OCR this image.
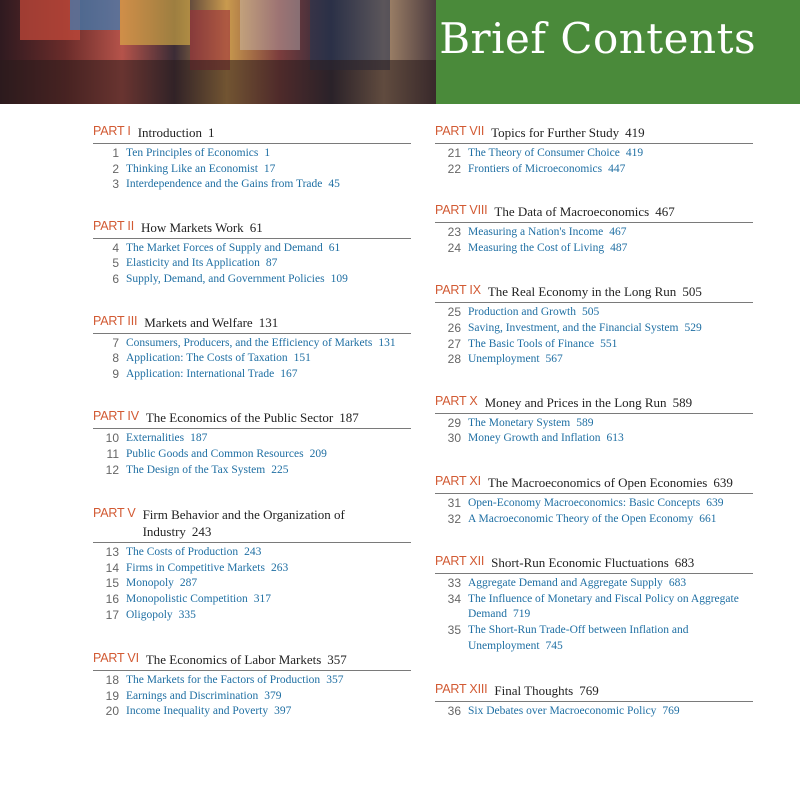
Brief Contents
PART I Introduction 1
1 Ten Principles of Economics 1
2 Thinking Like an Economist 17
3 Interdependence and the Gains from Trade 45
PART II How Markets Work 61
4 The Market Forces of Supply and Demand 61
5 Elasticity and Its Application 87
6 Supply, Demand, and Government Policies 109
PART III Markets and Welfare 131
7 Consumers, Producers, and the Efficiency of Markets 131
8 Application: The Costs of Taxation 151
9 Application: International Trade 167
PART IV The Economics of the Public Sector 187
10 Externalities 187
11 Public Goods and Common Resources 209
12 The Design of the Tax System 225
PART V Firm Behavior and the Organization of Industry 243
13 The Costs of Production 243
14 Firms in Competitive Markets 263
15 Monopoly 287
16 Monopolistic Competition 317
17 Oligopoly 335
PART VI The Economics of Labor Markets 357
18 The Markets for the Factors of Production 357
19 Earnings and Discrimination 379
20 Income Inequality and Poverty 397
PART VII Topics for Further Study 419
21 The Theory of Consumer Choice 419
22 Frontiers of Microeconomics 447
PART VIII The Data of Macroeconomics 467
23 Measuring a Nation's Income 467
24 Measuring the Cost of Living 487
PART IX The Real Economy in the Long Run 505
25 Production and Growth 505
26 Saving, Investment, and the Financial System 529
27 The Basic Tools of Finance 551
28 Unemployment 567
PART X Money and Prices in the Long Run 589
29 The Monetary System 589
30 Money Growth and Inflation 613
PART XI The Macroeconomics of Open Economies 639
31 Open-Economy Macroeconomics: Basic Concepts 639
32 A Macroeconomic Theory of the Open Economy 661
PART XII Short-Run Economic Fluctuations 683
33 Aggregate Demand and Aggregate Supply 683
34 The Influence of Monetary and Fiscal Policy on Aggregate Demand 719
35 The Short-Run Trade-Off between Inflation and Unemployment 745
PART XIII Final Thoughts 769
36 Six Debates over Macroeconomic Policy 769
